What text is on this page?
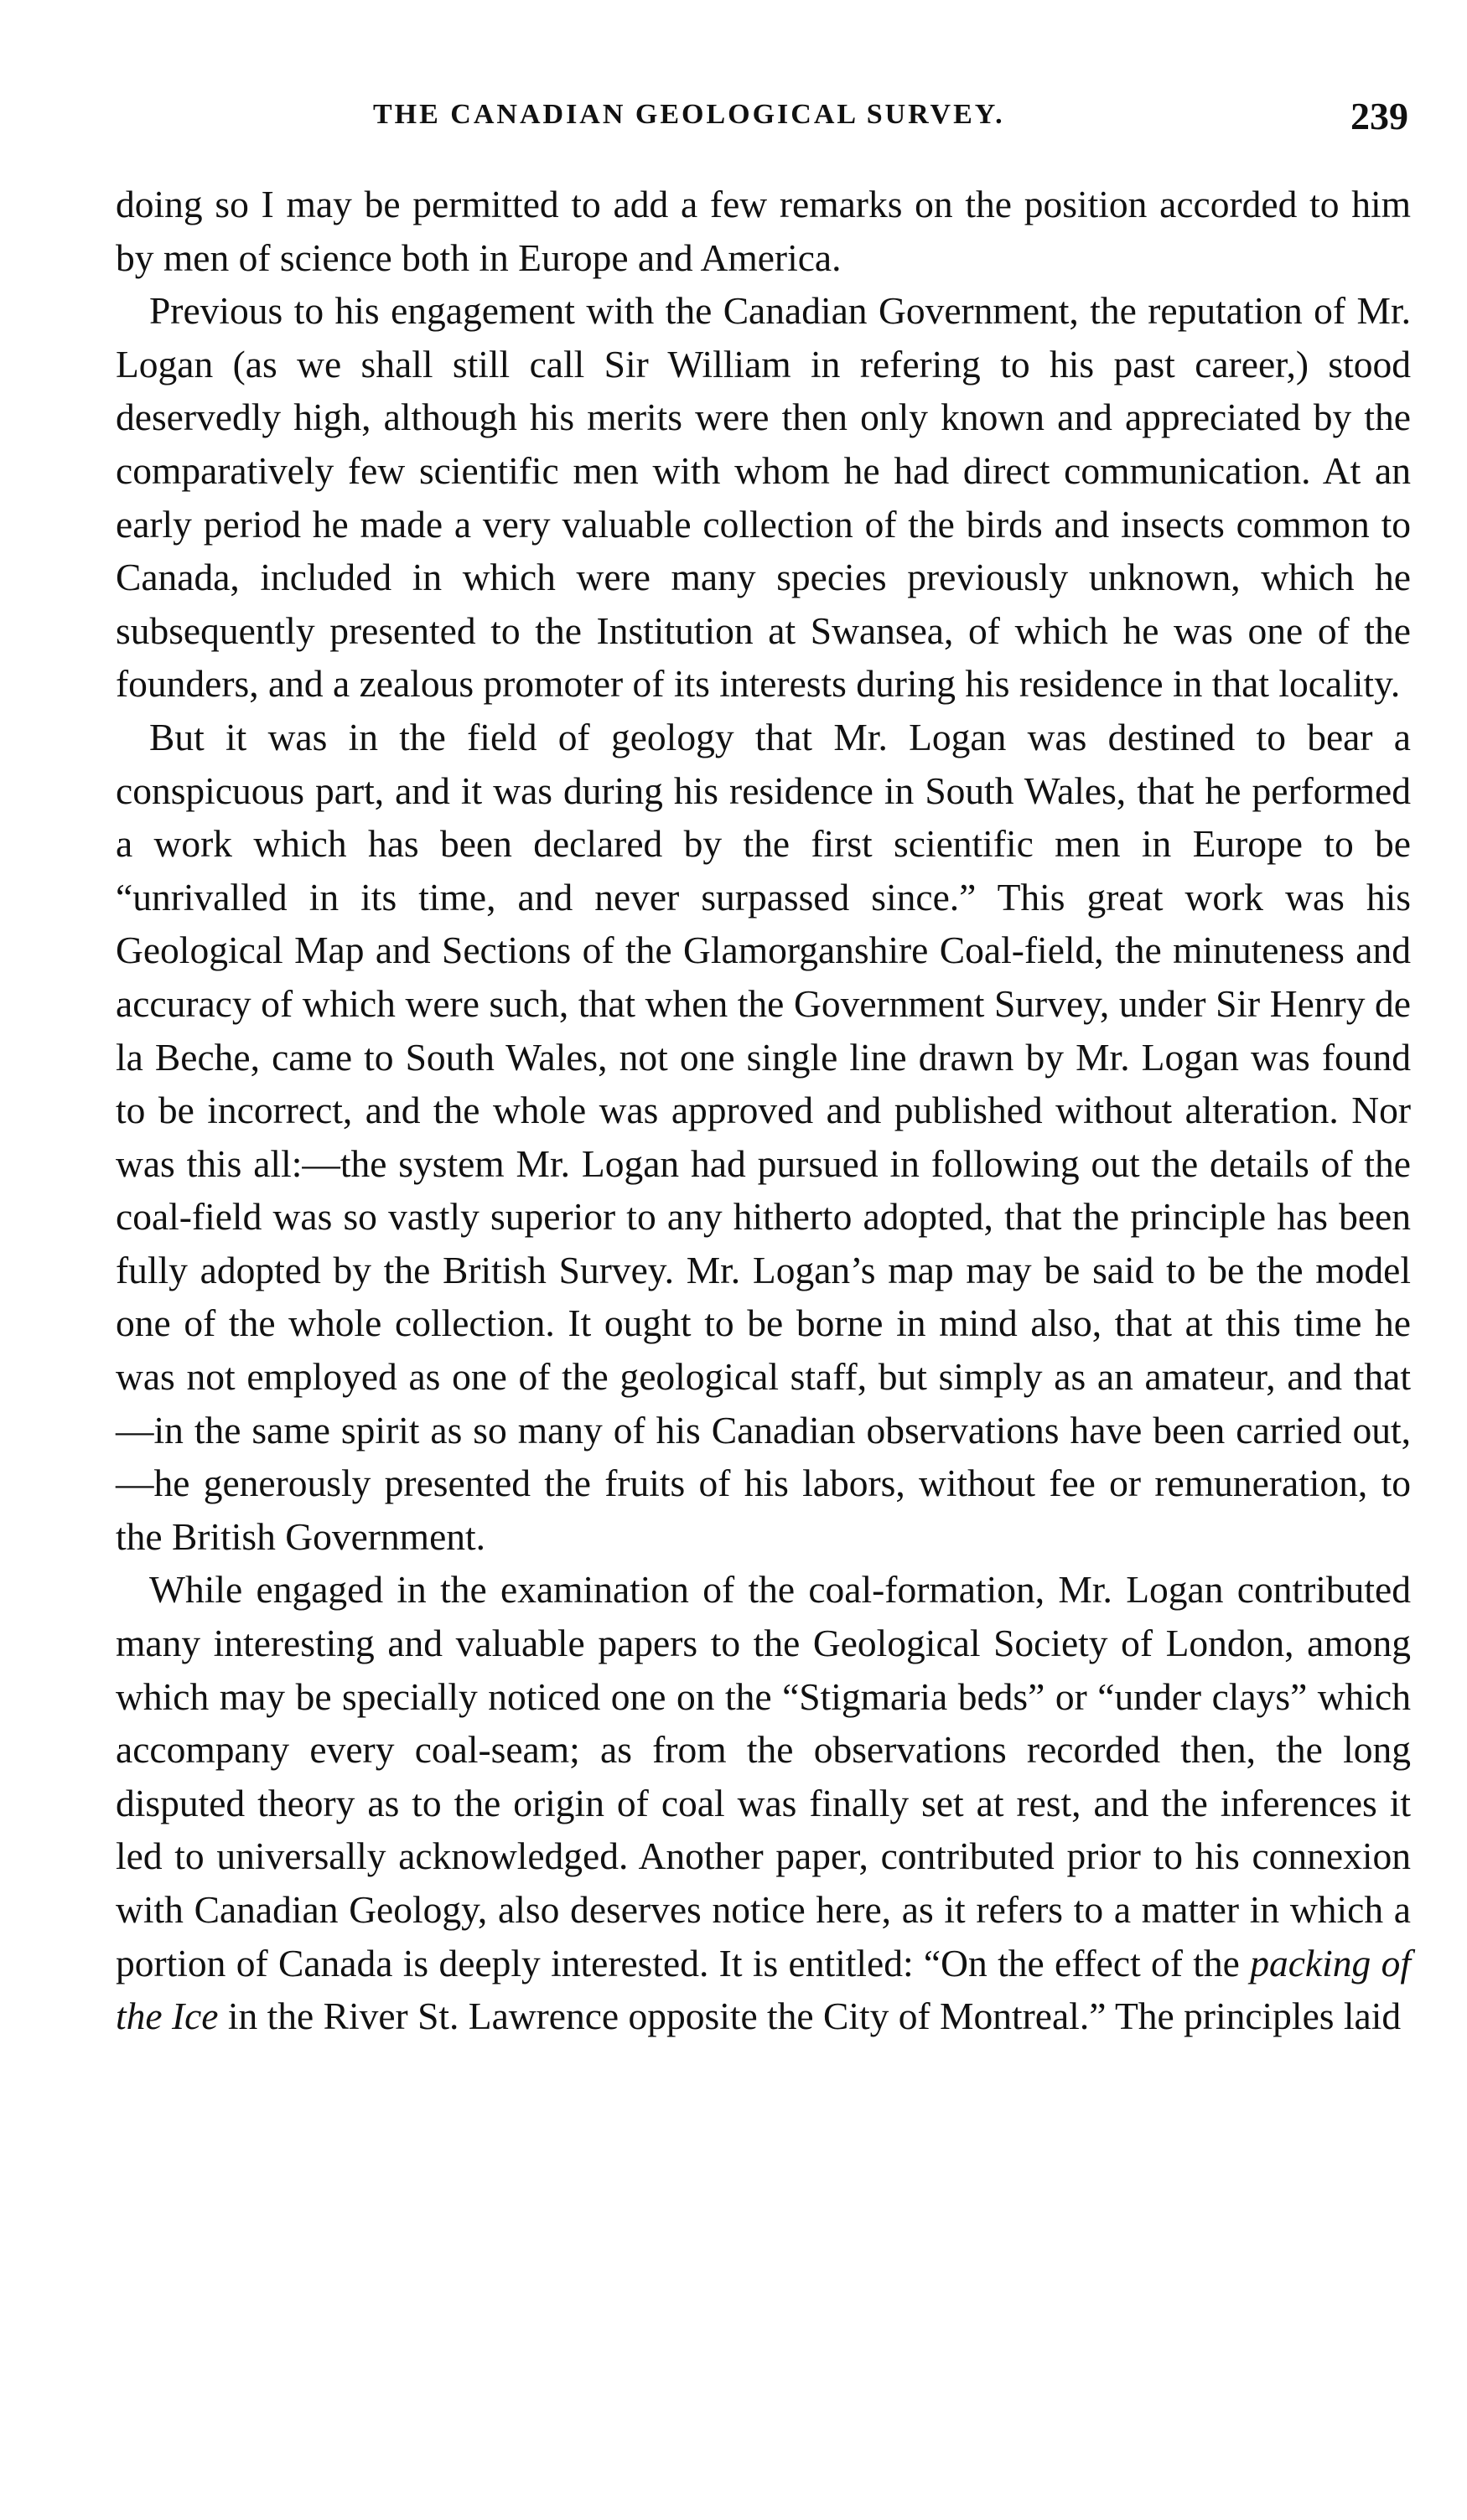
THE CANADIAN GEOLOGICAL SURVEY.	239

doing so I may be permitted to add a few remarks on the position accorded to him by men of science both in Europe and America.

Previous to his engagement with the Canadian Government, the reputation of Mr. Logan (as we shall still call Sir William in refering to his past career,) stood deservedly high, although his merits were then only known and appreciated by the comparatively few scientific men with whom he had direct communication. At an early period he made a very valuable collection of the birds and insects common to Canada, included in which were many species previously unknown, which he subsequently presented to the Institution at Swansea, of which he was one of the founders, and a zealous promoter of its interests during his residence in that locality.

But it was in the field of geology that Mr. Logan was destined to bear a conspicuous part, and it was during his residence in South Wales, that he performed a work which has been declared by the first scientific men in Europe to be “unrivalled in its time, and never surpassed since.” This great work was his Geological Map and Sections of the Glamorganshire Coal-field, the minuteness and accuracy of which were such, that when the Government Survey, under Sir Henry de la Beche, came to South Wales, not one single line drawn by Mr. Logan was found to be incorrect, and the whole was approved and published without alteration. Nor was this all:—the system Mr. Logan had pursued in following out the details of the coal-field was so vastly superior to any hitherto adopted, that the principle has been fully adopted by the British Survey. Mr. Logan’s map may be said to be the model one of the whole collection. It ought to be borne in mind also, that at this time he was not employed as one of the geological staff, but simply as an amateur, and that —in the same spirit as so many of his Canadian observations have been carried out,—he generously presented the fruits of his labors, without fee or remuneration, to the British Government.

While engaged in the examination of the coal-formation, Mr. Logan contributed many interesting and valuable papers to the Geological Society of London, among which may be specially noticed one on the “Stigmaria beds” or “under clays” which accompany every coal-seam; as from the observations recorded then, the long disputed theory as to the origin of coal was finally set at rest, and the inferences it led to universally acknowledged. Another paper, contributed prior to his connexion with Canadian Geology, also deserves notice here, as it refers to a matter in which a portion of Canada is deeply interested. It is entitled: “On the effect of the packing of the Ice in the River St. Lawrence opposite the City of Montreal.” The principles laid
